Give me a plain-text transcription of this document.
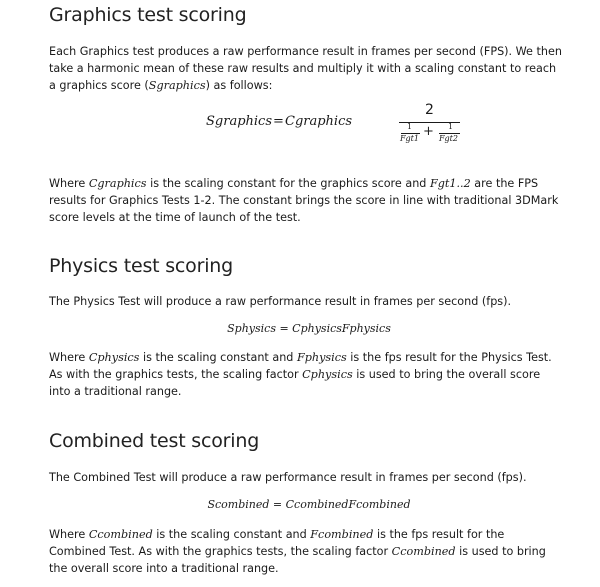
Graphics test scoring

Each Graphics test produces a raw performance result in frames per second (FPS). We then take a harmonic mean of these raw results and multiply it with a scaling constant to reach a graphics score (Sgraphics) as follows:

Sgraphics = Cgraphics
2
1
Fgt1 + 1
Fgt2

Where Cgraphics is the scaling constant for the graphics score and Fgt1..2 are the FPS results for Graphics Tests 1-2. The constant brings the score in line with traditional 3DMark score levels at the time of launch of the test.

Physics test scoring

The Physics Test will produce a raw performance result in frames per second (fps).

Sphysics = CphysicsFphysics

Where Cphysics is the scaling constant and Fphysics is the fps result for the Physics Test. As with the graphics tests, the scaling factor Cphysics is used to bring the overall score into a traditional range.

Combined test scoring

The Combined Test will produce a raw performance result in frames per second (fps).

Scombined = CcombinedFcombined

Where Ccombined is the scaling constant and Fcombined is the fps result for the Combined Test. As with the graphics tests, the scaling factor Ccombined is used to bring the overall score into a traditional range.
